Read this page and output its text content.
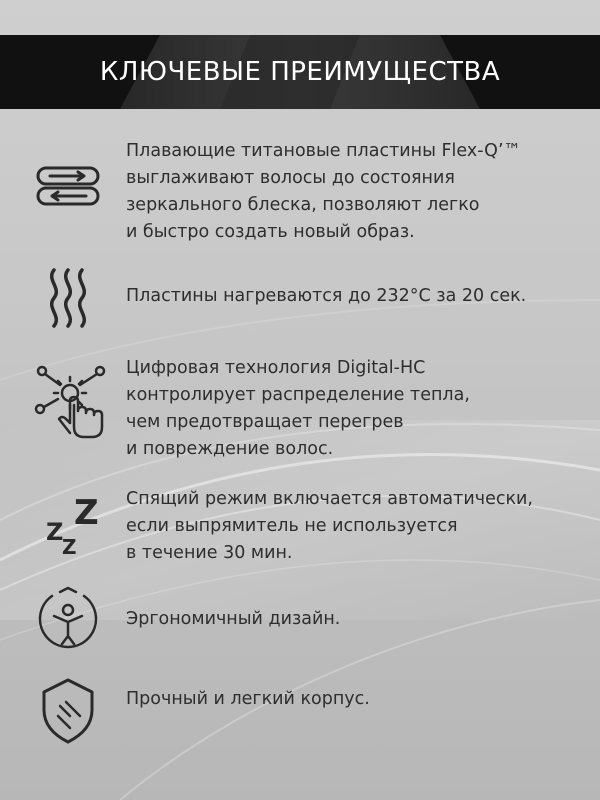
КЛЮЧЕВЫЕ ПРЕИМУЩЕСТВА
Плавающие титановые пластины Flex-Q’™
выглаживают волосы до состояния
зеркального блеска, позволяют легко
и быстро создать новый образ.
Пластины нагреваются до 232°C за 20 сек.
Цифровая технология Digital-HC
контролирует распределение тепла,
чем предотвращает перегрев
и повреждение волос.
Z
Z
Z
Спящий режим включается автоматически,
если выпрямитель не используется
в течение 30 мин.
Эргономичный дизайн.
Прочный и легкий корпус.
